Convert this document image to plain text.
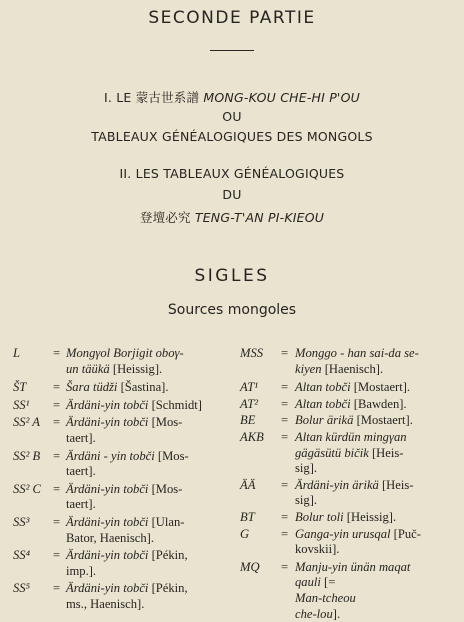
SECONDE PARTIE
I. LE 蒙古世系譜 MONG-KOU CHE-HI P'OU
OU
TABLEAUX GÉNÉALOGIQUES DES MONGOLS
II. LES TABLEAUX GÉNÉALOGIQUES
DU
登壇必究 TENG-T'AN PI-KIEOU
SIGLES
Sources mongoles
L	= Mongγol Borjigit oboγ-
un täükä [Heissig].
ŠT = Šara tüdži [Šastina].
SS¹ = Ärdäni-yin tobči [Schmidt]
SS² A = Ärdäni-yin tobči [Mos-
taert].
SS² B = Ärdäni - yin tobči [Mos-
taert].
SS² C = Ärdäni-yin tobči [Mos-
taert].
SS³ = Ärdäni-yin tobči [Ulan-
Bator, Haenisch].
SS⁴ = Ärdäni-yin tobči [Pékin,
imp.].
SS⁵ = Ärdäni-yin tobči [Pékin,
ms., Haenisch].
MSS = Monggo - han sai-da se-
kiyen [Haenisch].
AT¹ = Altan tobči [Mostaert].
AT² = Altan tobči [Bawden].
BE = Bolur ärikä [Mostaert].
AKB = Altan kürdün mingγan
gägäsütü bičik [Heis-
sig].
ÄÄ = Ärdäni-yin ärikä [Heis-
sig].
BT = Bolur toli [Heissig].
G	= Ganga-yin urusqal [Puč-
kovskii].
MQ = Manju-yin ünän maqat
qauli [=
Man-tcheou
che-lou].
